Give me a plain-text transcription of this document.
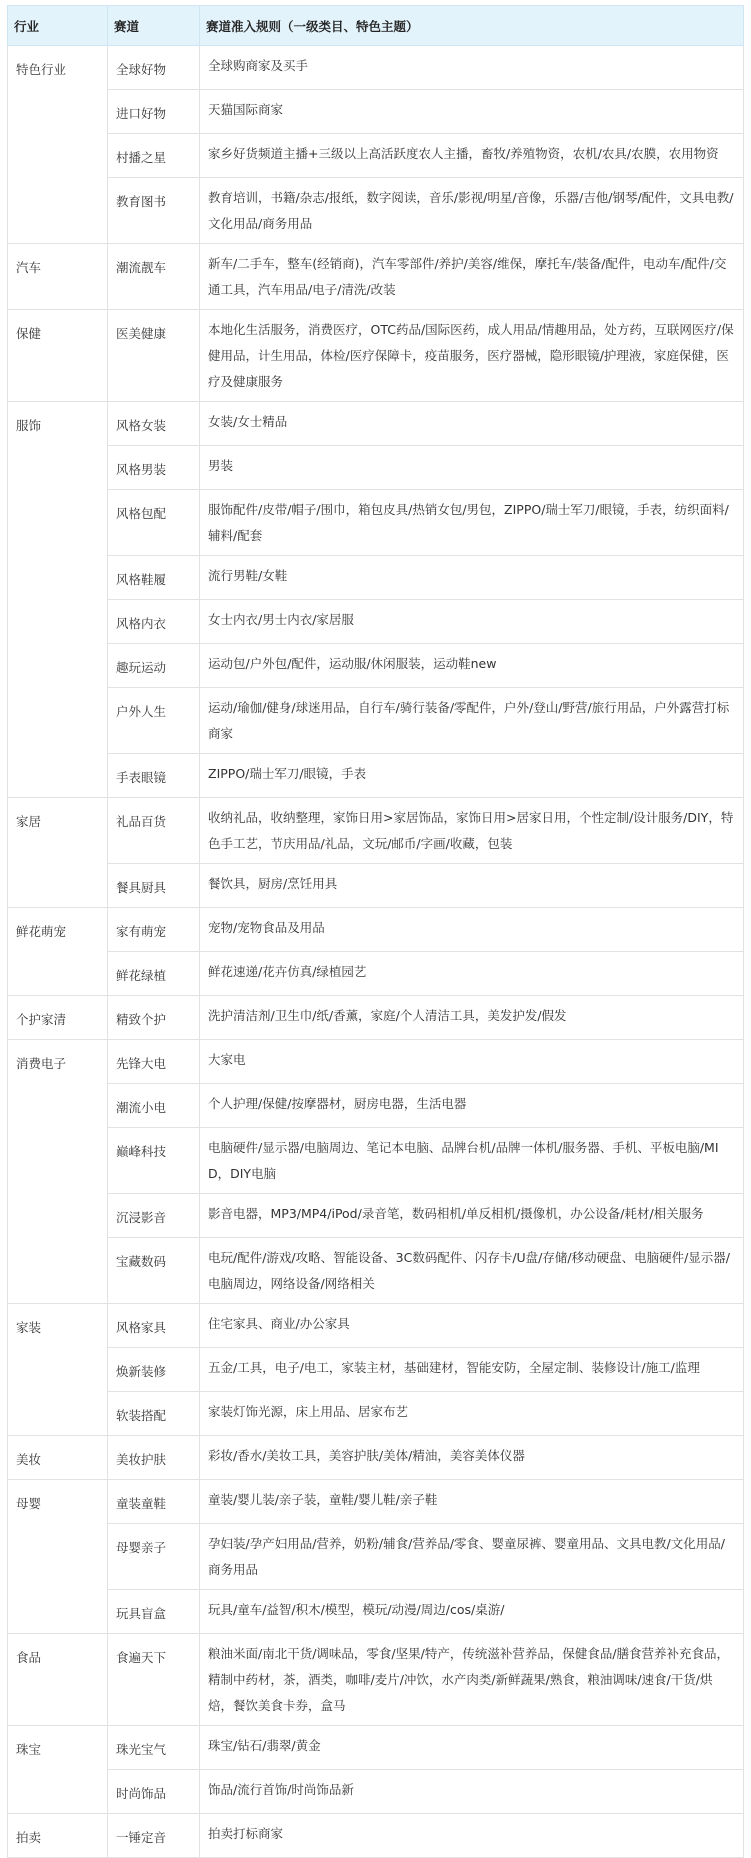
行业	赛道	赛道准入规则（一级类目、特色主题）
特色行业	全球好物	全球购商家及买手
	进口好物	天猫国际商家
	村播之星	家乡好货频道主播+三级以上高活跃度农人主播，畜牧/养殖物资，农机/农具/农膜，农用物资
	教育图书	教育培训，书籍/杂志/报纸，数字阅读，音乐/影视/明星/音像，乐器/吉他/钢琴/配件，文具电教/文化用品/商务用品
汽车	潮流靓车	新车/二手车，整车(经销商)，汽车零部件/养护/美容/维保，摩托车/装备/配件，电动车/配件/交通工具，汽车用品/电子/清洗/改装
保健	医美健康	本地化生活服务，消费医疗，OTC药品/国际医药，成人用品/情趣用品，处方药，互联网医疗/保健用品，计生用品，体检/医疗保障卡，疫苗服务，医疗器械，隐形眼镜/护理液，家庭保健，医疗及健康服务
服饰	风格女装	女装/女士精品
	风格男装	男装
	风格包配	服饰配件/皮带/帽子/围巾，箱包皮具/热销女包/男包，ZIPPO/瑞士军刀/眼镜，手表，纺织面料/辅料/配套
	风格鞋履	流行男鞋/女鞋
	风格内衣	女士内衣/男士内衣/家居服
	趣玩运动	运动包/户外包/配件，运动服/休闲服装，运动鞋new
	户外人生	运动/瑜伽/健身/球迷用品，自行车/骑行装备/零配件，户外/登山/野营/旅行用品，户外露营打标商家
	手表眼镜	ZIPPO/瑞士军刀/眼镜，手表
家居	礼品百货	收纳礼品，收纳整理，家饰日用>家居饰品，家饰日用>居家日用，个性定制/设计服务/DIY，特色手工艺，节庆用品/礼品，文玩/邮币/字画/收藏，包装
	餐具厨具	餐饮具，厨房/烹饪用具
鲜花萌宠	家有萌宠	宠物/宠物食品及用品
	鲜花绿植	鲜花速递/花卉仿真/绿植园艺
个护家清	精致个护	洗护清洁剂/卫生巾/纸/香薰，家庭/个人清洁工具，美发护发/假发
消费电子	先锋大电	大家电
	潮流小电	个人护理/保健/按摩器材，厨房电器，生活电器
	巅峰科技	电脑硬件/显示器/电脑周边、笔记本电脑、品牌台机/品牌一体机/服务器、手机、平板电脑/MID，DIY电脑
	沉浸影音	影音电器，MP3/MP4/iPod/录音笔，数码相机/单反相机/摄像机，办公设备/耗材/相关服务
	宝藏数码	电玩/配件/游戏/攻略、智能设备、3C数码配件、闪存卡/U盘/存储/移动硬盘、电脑硬件/显示器/电脑周边，网络设备/网络相关
家装	风格家具	住宅家具、商业/办公家具
	焕新装修	五金/工具，电子/电工，家装主材，基础建材，智能安防，全屋定制、装修设计/施工/监理
	软装搭配	家装灯饰光源，床上用品、居家布艺
美妆	美妆护肤	彩妆/香水/美妆工具，美容护肤/美体/精油，美容美体仪器
母婴	童装童鞋	童装/婴儿装/亲子装，童鞋/婴儿鞋/亲子鞋
	母婴亲子	孕妇装/孕产妇用品/营养，奶粉/辅食/营养品/零食、婴童尿裤、婴童用品、文具电教/文化用品/商务用品
	玩具盲盒	玩具/童车/益智/积木/模型，模玩/动漫/周边/cos/桌游/
食品	食遍天下	粮油米面/南北干货/调味品，零食/坚果/特产，传统滋补营养品，保健食品/膳食营养补充食品，精制中药材，茶，酒类，咖啡/麦片/冲饮，水产肉类/新鲜蔬果/熟食，粮油调味/速食/干货/烘焙，餐饮美食卡券，盒马
珠宝	珠光宝气	珠宝/钻石/翡翠/黄金
	时尚饰品	饰品/流行首饰/时尚饰品新
拍卖	一锤定音	拍卖打标商家
